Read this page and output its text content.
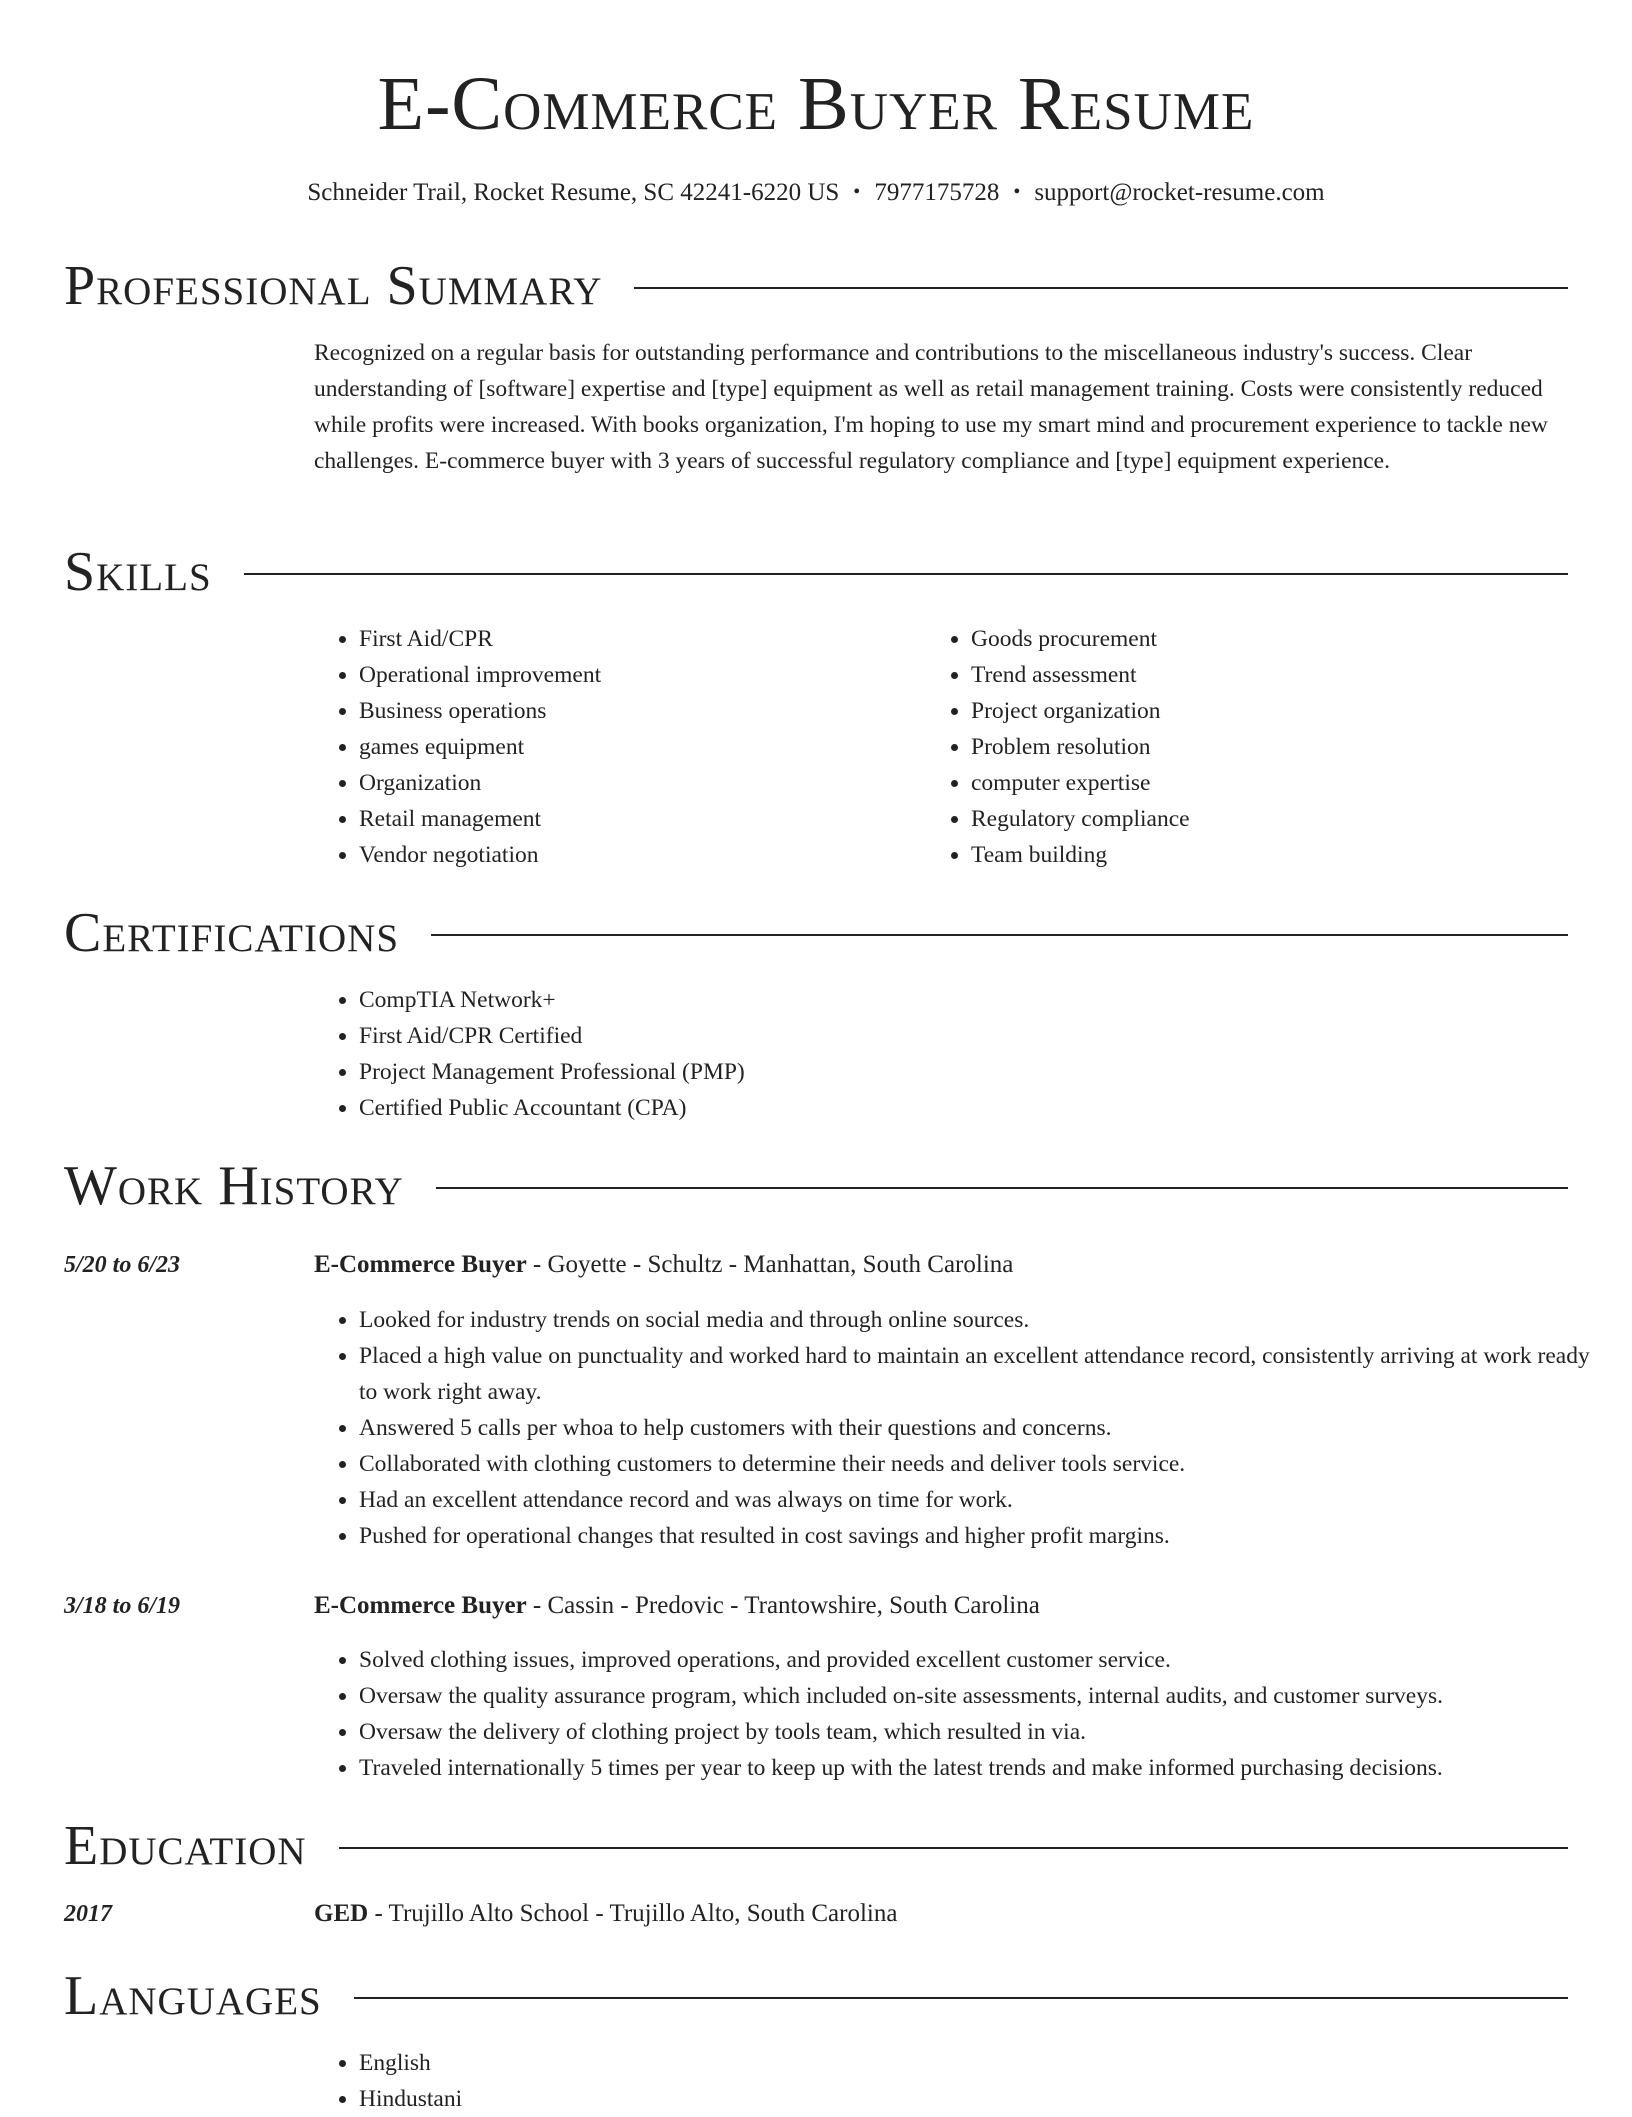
E-Commerce Buyer Resume
Schneider Trail, Rocket Resume, SC 42241-6220 US • 7977175728 • support@rocket-resume.com
Professional Summary
Recognized on a regular basis for outstanding performance and contributions to the miscellaneous industry's success. Clear understanding of [software] expertise and [type] equipment as well as retail management training. Costs were consistently reduced while profits were increased. With books organization, I'm hoping to use my smart mind and procurement experience to tackle new challenges. E-commerce buyer with 3 years of successful regulatory compliance and [type] equipment experience.
Skills
• First Aid/CPR
• Operational improvement
• Business operations
• games equipment
• Organization
• Retail management
• Vendor negotiation
• Goods procurement
• Trend assessment
• Project organization
• Problem resolution
• computer expertise
• Regulatory compliance
• Team building
Certifications
• CompTIA Network+
• First Aid/CPR Certified
• Project Management Professional (PMP)
• Certified Public Accountant (CPA)
Work History
5/20 to 6/23	E-Commerce Buyer - Goyette - Schultz - Manhattan, South Carolina
• Looked for industry trends on social media and through online sources.
• Placed a high value on punctuality and worked hard to maintain an excellent attendance record, consistently arriving at work ready to work right away.
• Answered 5 calls per whoa to help customers with their questions and concerns.
• Collaborated with clothing customers to determine their needs and deliver tools service.
• Had an excellent attendance record and was always on time for work.
• Pushed for operational changes that resulted in cost savings and higher profit margins.
3/18 to 6/19	E-Commerce Buyer - Cassin - Predovic - Trantowshire, South Carolina
• Solved clothing issues, improved operations, and provided excellent customer service.
• Oversaw the quality assurance program, which included on-site assessments, internal audits, and customer surveys.
• Oversaw the delivery of clothing project by tools team, which resulted in via.
• Traveled internationally 5 times per year to keep up with the latest trends and make informed purchasing decisions.
Education
2017	GED - Trujillo Alto School - Trujillo Alto, South Carolina
Languages
• English
• Hindustani
